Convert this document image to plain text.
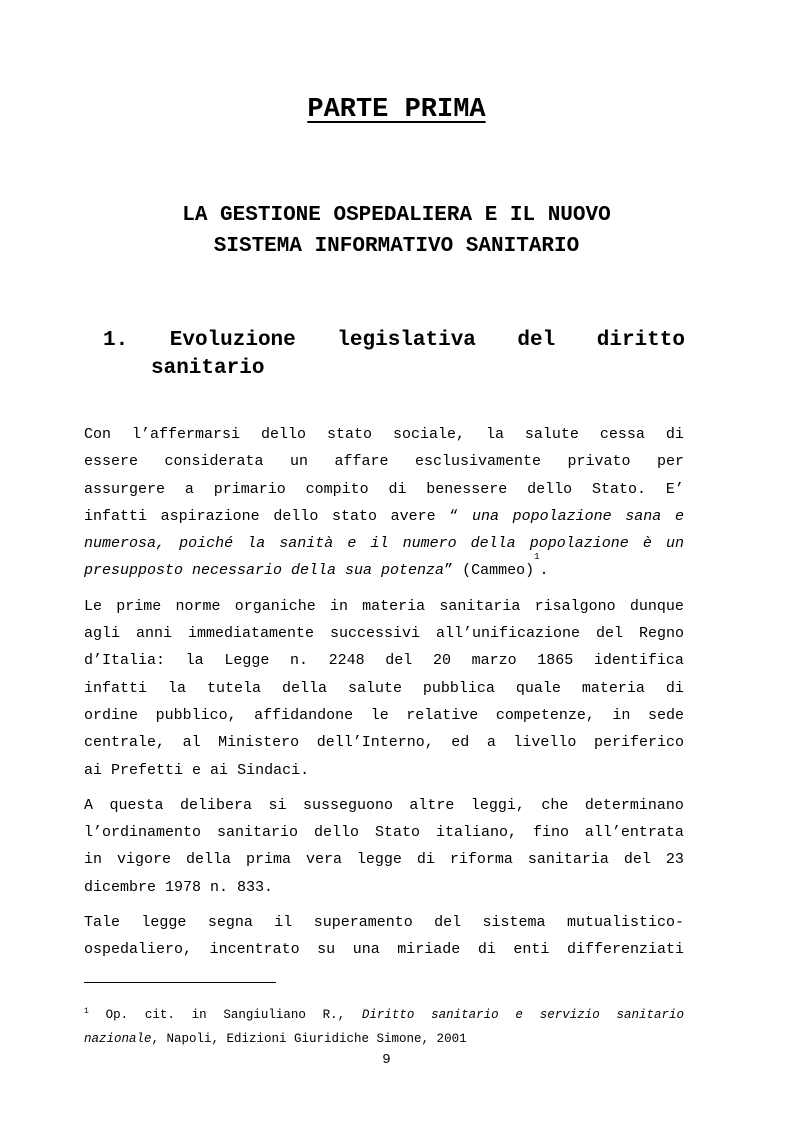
PARTE PRIMA
LA GESTIONE OSPEDALIERA E IL NUOVO
SISTEMA INFORMATIVO SANITARIO
1. Evoluzione legislativa del diritto
sanitario
Con l’affermarsi dello stato sociale, la salute cessa di
essere considerata un affare esclusivamente privato per
assurgere a primario compito di benessere dello Stato. E’
infatti aspirazione dello stato avere “ una popolazione sana e
numerosa, poiché la sanità e il numero della popolazione è un
presupposto necessario della sua potenza ” (Cammeo)
1
.
Le prime norme organiche in materia sanitaria risalgono dunque
agli anni immediatamente successivi all’unificazione del Regno
d’Italia: la Legge n. 2248 del 20 marzo 1865 identifica
infatti la tutela della salute pubblica quale materia di
ordine pubblico, affidandone le relative competenze, in sede
centrale, al Ministero dell’Interno, ed a livello periferico
ai Prefetti e ai Sindaci.
A questa delibera si susseguono altre leggi, che determinano
l’ordinamento sanitario dello Stato italiano, fino all’entrata
in vigore della prima vera legge di riforma sanitaria del 23
dicembre 1978 n. 833.
Tale legge segna il superamento del sistema mutualistico-
ospedaliero, incentrato su una miriade di enti differenziati
$^1$ Op. cit. in Sangiuliano R., Diritto sanitario e servizio sanitario
nazionale , Napoli, Edizioni Giuridiche Simone, 2001
9
